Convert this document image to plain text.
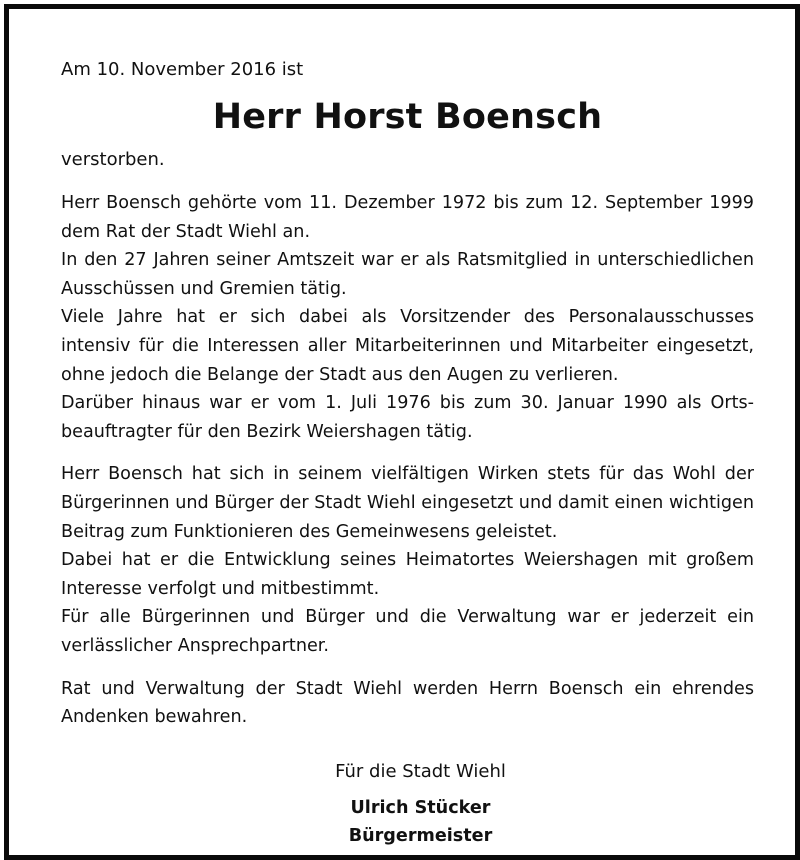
Am 10. November 2016 ist

Herr Horst Boensch

verstorben.

Herr Boensch gehörte vom 11. Dezember 1972 bis zum 12. September 1999 dem Rat der Stadt Wiehl an.

In den 27 Jahren seiner Amtszeit war er als Ratsmitglied in unterschiedlichen Ausschüssen und Gremien tätig.

Viele Jahre hat er sich dabei als Vorsitzender des Personalausschusses intensiv für die Interessen aller Mitarbeiterinnen und Mitarbeiter eingesetzt, ohne jedoch die Belange der Stadt aus den Augen zu verlieren.

Darüber hinaus war er vom 1. Juli 1976 bis zum 30. Januar 1990 als Ortsbeauftragter für den Bezirk Weiershagen tätig.

Herr Boensch hat sich in seinem vielfältigen Wirken stets für das Wohl der Bürgerinnen und Bürger der Stadt Wiehl eingesetzt und damit einen wichtigen Beitrag zum Funktionieren des Gemeinwesens geleistet.

Dabei hat er die Entwicklung seines Heimatortes Weiershagen mit großem Interesse verfolgt und mitbestimmt.

Für alle Bürgerinnen und Bürger und die Verwaltung war er jederzeit ein verlässlicher Ansprechpartner.

Rat und Verwaltung der Stadt Wiehl werden Herrn Boensch ein ehrendes Andenken bewahren.

Für die Stadt Wiehl

Ulrich Stücker

Bürgermeister
